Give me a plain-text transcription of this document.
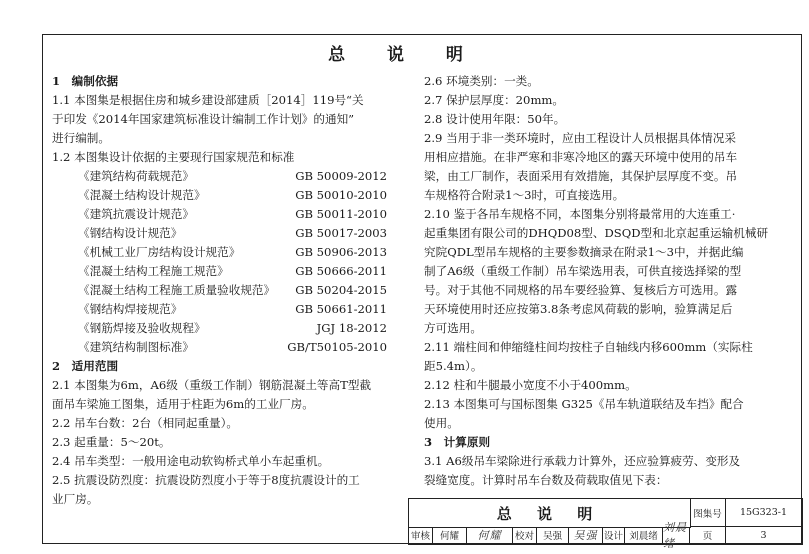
总 说 明
1　编制依据
1.1 本图集是根据住房和城乡建设部建质［2014］119号“关
于印发《2014年国家建筑标准设计编制工作计划》的通知”
进行编制。
1.2 本图集设计依据的主要现行国家规范和标准
《建筑结构荷载规范》	GB 50009-2012
《混凝土结构设计规范》	GB 50010-2010
《建筑抗震设计规范》	GB 50011-2010
《钢结构设计规范》	GB 50017-2003
《机械工业厂房结构设计规范》	GB 50906-2013
《混凝土结构工程施工规范》	GB 50666-2011
《混凝土结构工程施工质量验收规范》 GB 50204-2015
《钢结构焊接规范》	GB 50661-2011
《钢筋焊接及验收规程》	JGJ 18-2012
《建筑结构制图标准》	GB/T50105-2010
2　适用范围
2.1 本图集为6m，A6级（重级工作制）钢筋混凝土等高T型截
面吊车梁施工图集，适用于柱距为6m的工业厂房。
2.2 吊车台数：2台（相同起重量）。
2.3 起重量：5～20t。
2.4 吊车类型：一般用途电动软钩桥式单小车起重机。
2.5 抗震设防烈度：抗震设防烈度小于等于8度抗震设计的工
业厂房。
2.6 环境类别：一类。
2.7 保护层厚度：20mm。
2.8 设计使用年限：50年。
2.9 当用于非一类环境时，应由工程设计人员根据具体情况采
用相应措施。在非严寒和非寒冷地区的露天环境中使用的吊车
梁，由工厂制作，表面采用有效措施，其保护层厚度不变。吊
车规格符合附录1～3时，可直接选用。
2.10 鉴于各吊车规格不同，本图集分别将最常用的大连重工·
起重集团有限公司的DHQD08型、DSQD型和北京起重运输机械研
究院QDL型吊车规格的主要参数摘录在附录1～3中，并据此编
制了A6级（重级工作制）吊车梁选用表，可供直接选择梁的型
号。对于其他不同规格的吊车要经验算、复核后方可选用。露
天环境使用时还应按第3.8条考虑风荷载的影响，验算满足后
方可选用。
2.11 端柱间和伸缩缝柱间均按柱子自轴线内移600mm（实际柱
距5.4m）。
2.12 柱和牛腿最小宽度不小于400mm。
2.13 本图集可与国标图集 G325《吊车轨道联结及车挡》配合
使用。
3　计算原则
3.1 A6级吊车梁除进行承载力计算外，还应验算疲劳、变形及
裂缝宽度。计算时吊车台数及荷载取值见下表：
总 说 明	图集号	15G323-1
审核	何耀	何耀	校对 吴强	吴强 设计 刘晨绪
刘晨绪
页	3
